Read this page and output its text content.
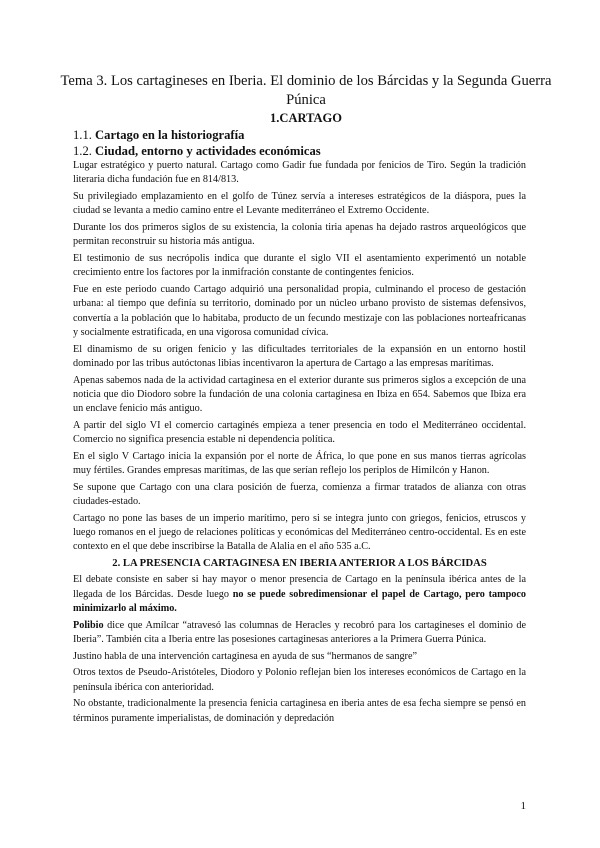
Tema 3. Los cartagineses en Iberia. El dominio de los Bárcidas y la Segunda Guerra Púnica
1.CARTAGO
1.1. Cartago en la historiografía
1.2. Ciudad, entorno y actividades económicas

Lugar estratégico y puerto natural. Cartago como Gadir fue fundada por fenicios de Tiro. Según la tradición literaria dicha fundación fue en 814/813.

Su privilegiado emplazamiento en el golfo de Túnez servía a intereses estratégicos de la diáspora, pues la ciudad se levanta a medio camino entre el Levante mediterráneo el Extremo Occidente.

Durante los dos primeros siglos de su existencia, la colonia tiria apenas ha dejado rastros arqueológicos que permitan reconstruir su historia más antigua.

El testimonio de sus necrópolis indica que durante el siglo VII el asentamiento experimentó un notable crecimiento entre los factores por la inmifración constante de contingentes fenicios.

Fue en este periodo cuando Cartago adquirió una personalidad propia, culminando el proceso de gestación urbana: al tiempo que definía su territorio, dominado por un núcleo urbano provisto de sistemas defensivos, convertía a la población que lo habitaba, producto de un fecundo mestizaje con las poblaciones norteafricanas y socialmente estratificada, en una vigorosa comunidad cívica.

El dinamismo de su origen fenicio y las dificultades territoriales de la expansión en un entorno hostil dominado por las tribus autóctonas libias incentivaron la apertura de Cartago a las empresas marítimas.

Apenas sabemos nada de la actividad cartaginesa en el exterior durante sus primeros siglos a excepción de una noticia que dio Diodoro sobre la fundación de una colonia cartaginesa en Ibiza en 654. Sabemos que Ibiza era un enclave fenicio más antiguo.

A partir del siglo VI el comercio cartaginés empieza a tener presencia en todo el Mediterráneo occidental. Comercio no significa presencia estable ni dependencia política.

En el siglo V Cartago inicia la expansión por el norte de África, lo que pone en sus manos tierras agrícolas muy fértiles. Grandes empresas marítimas, de las que serían reflejo los periplos de Himilcón y Hanon.

Se supone que Cartago con una clara posición de fuerza, comienza a firmar tratados de alianza con otras ciudades-estado.

Cartago no pone las bases de un imperio marítimo, pero si se integra junto con griegos, fenicios, etruscos y luego romanos en el juego de relaciones políticas y económicas del Mediterráneo centro-occidental. Es en este contexto en el que debe inscribirse la Batalla de Alalia en el año 535 a.C.

2. LA PRESENCIA CARTAGINESA EN IBERIA ANTERIOR A LOS BÁRCIDAS

El debate consiste en saber si hay mayor o menor presencia de Cartago en la península ibérica antes de la llegada de los Bárcidas. Desde luego no se puede sobredimensionar el papel de Cartago, pero tampoco minimizarlo al máximo.

Polibio dice que Amílcar “atravesó las columnas de Heracles y recobró para los cartagineses el dominio de Iberia”. También cita a Iberia entre las posesiones cartaginesas anteriores a la Primera Guerra Púnica.

Justino habla de una intervención cartaginesa en ayuda de sus “hermanos de sangre”

Otros textos de Pseudo-Aristóteles, Diodoro y Polonio reflejan bien los intereses económicos de Cartago en la península ibérica con anterioridad.

No obstante, tradicionalmente la presencia fenicia cartaginesa en iberia antes de esa fecha siempre se pensó en términos puramente imperialistas, de dominación y depredación

1
